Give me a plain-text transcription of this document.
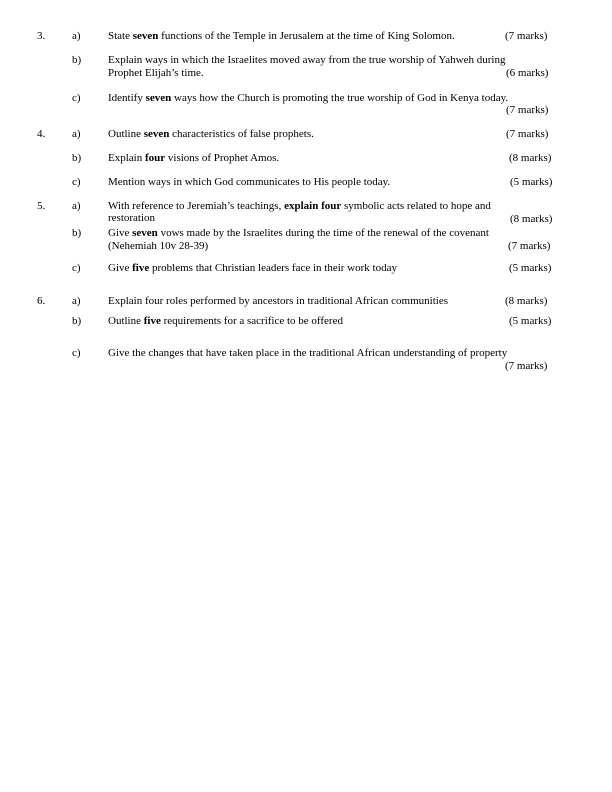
3. a) State seven functions of the Temple in Jerusalem at the time of King Solomon.	(7 marks)
b) Explain ways in which the Israelites moved away from the true worship of Yahweh during
Prophet Elijah’s time.	(6 marks)
c) Identify seven ways how the Church is promoting the true worship of God in Kenya today.
(7 marks)
4. a) Outline seven characteristics of false prophets.	(7 marks)
b) Explain four visions of Prophet Amos.	(8 marks)
c) Mention ways in which God communicates to His people today.	(5 marks)
5. a) With reference to Jeremiah’s teachings, explain four symbolic acts related to hope and
restoration	(8 marks)
b) Give seven vows made by the Israelites during the time of the renewal of the covenant
(Nehemiah 10v 28-39)	(7 marks)
c) Give five problems that Christian leaders face in their work today	(5 marks)
6. a) Explain four roles performed by ancestors in traditional African communities	(8 marks)
b) Outline five requirements for a sacrifice to be offered	(5 marks)
c) Give the changes that have taken place in the traditional African understanding of property
(7 marks)
